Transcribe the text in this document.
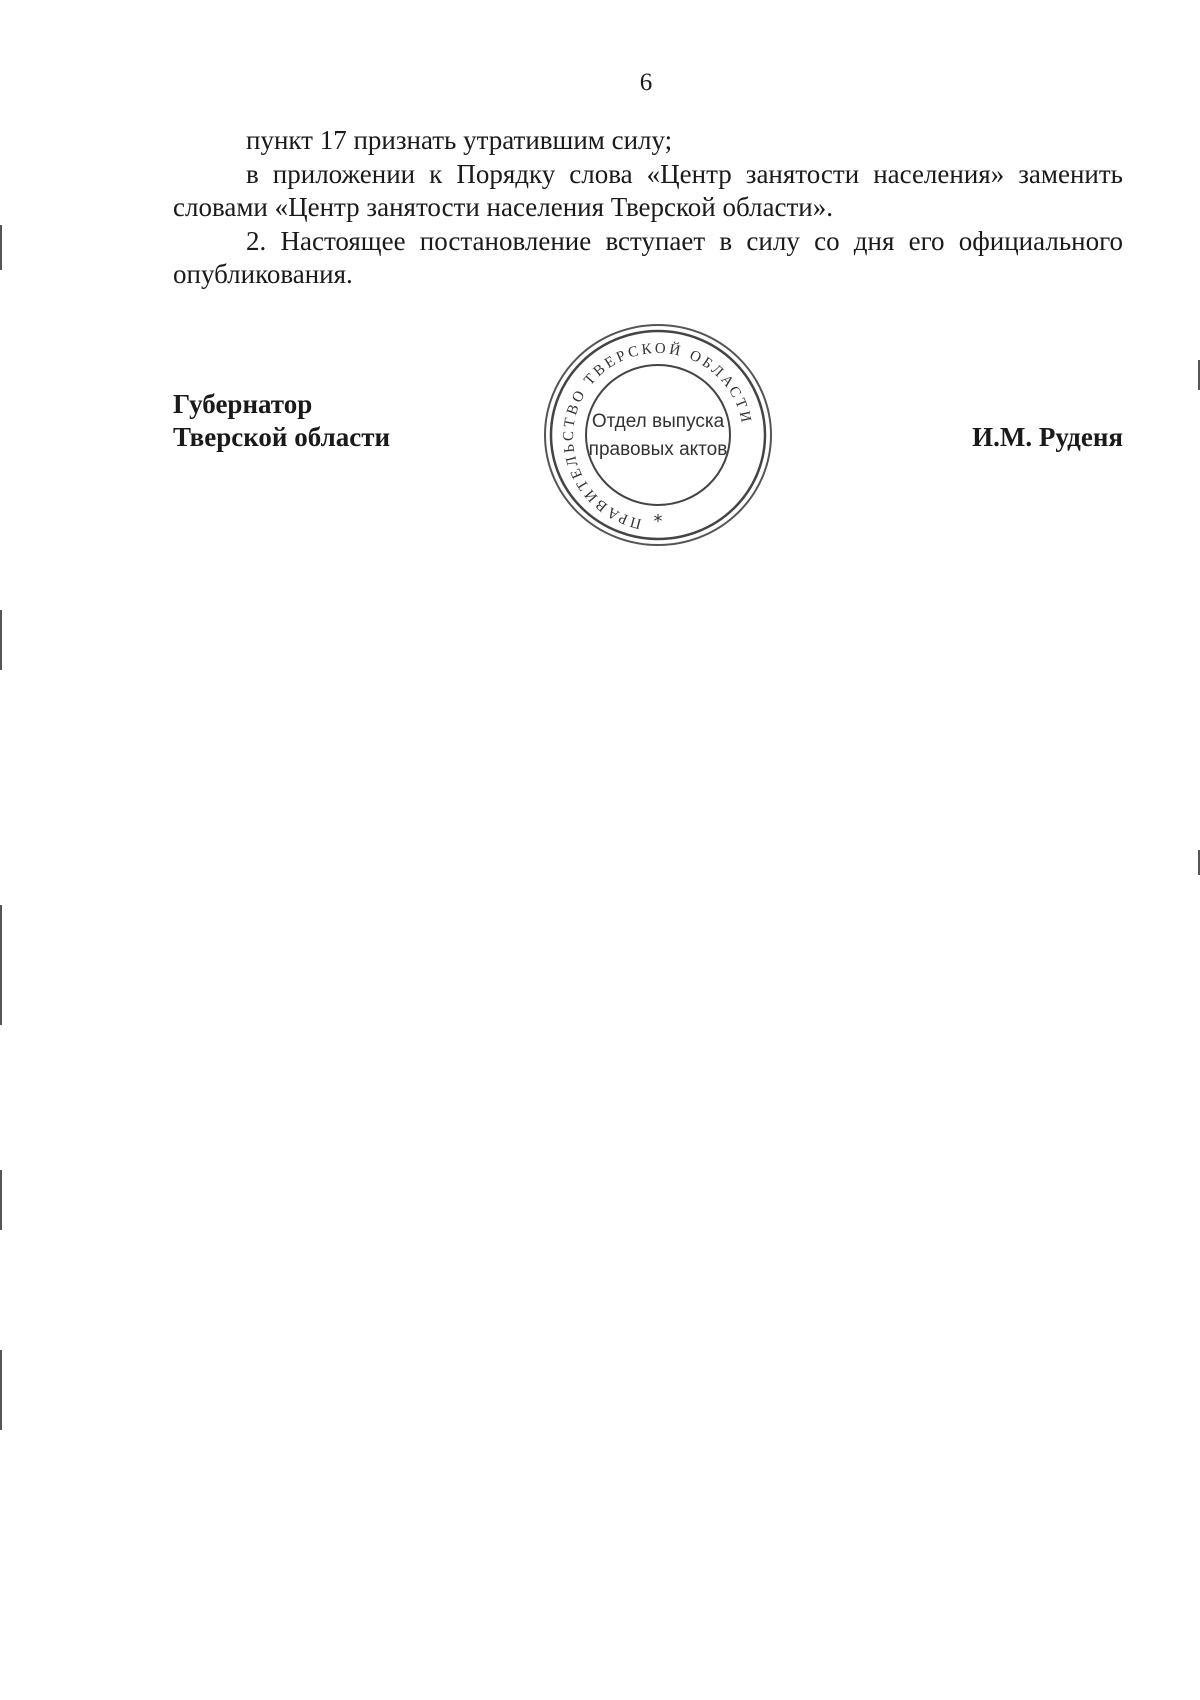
6

пункт 17 признать утратившим силу;

в приложении к Порядку слова «Центр занятости населения» заменить словами «Центр занятости населения Тверской области».

2. Настоящее постановление вступает в силу со дня его официального опубликования.

Губернатор
Тверской области	И.М. Руденя
ПРАВИТЕЛЬСТВО ТВЕРСКОЙ ОБЛАСТИ
Отдел выпуска
правовых актов
*
